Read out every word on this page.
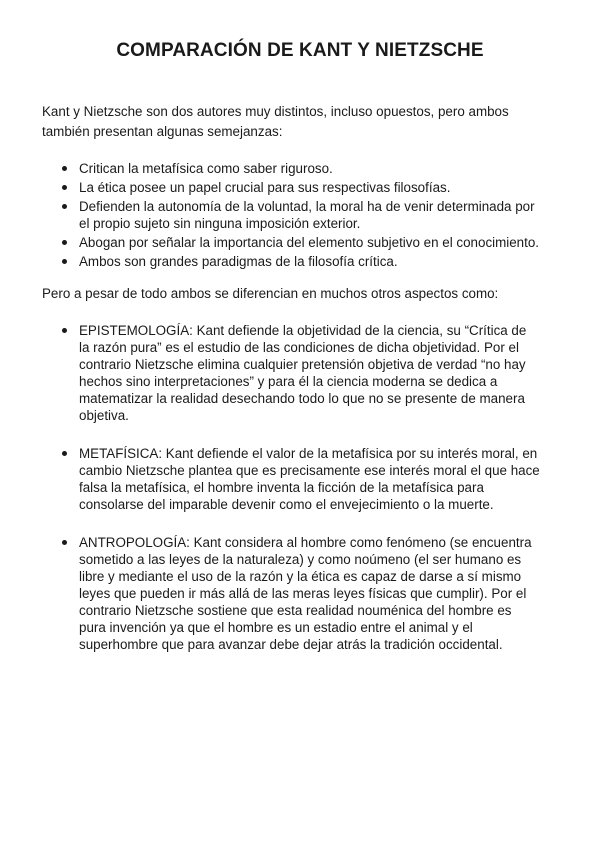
COMPARACIÓN DE KANT Y NIETZSCHE

Kant y Nietzsche son dos autores muy distintos, incluso opuestos, pero ambos también presentan algunas semejanzas:

Critican la metafísica como saber riguroso.
La ética posee un papel crucial para sus respectivas filosofías.
Defienden la autonomía de la voluntad, la moral ha de venir determinada por el propio sujeto sin ninguna imposición exterior.
Abogan por señalar la importancia del elemento subjetivo en el conocimiento.
Ambos son grandes paradigmas de la filosofía crítica.

Pero a pesar de todo ambos se diferencian en muchos otros aspectos como:

EPISTEMOLOGÍA: Kant defiende la objetividad de la ciencia, su “Crítica de la razón pura” es el estudio de las condiciones de dicha objetividad. Por el contrario Nietzsche elimina cualquier pretensión objetiva de verdad “no hay hechos sino interpretaciones” y para él la ciencia moderna se dedica a matematizar la realidad desechando todo lo que no se presente de manera objetiva.
METAFÍSICA: Kant defiende el valor de la metafísica por su interés moral, en cambio Nietzsche plantea que es precisamente ese interés moral el que hace falsa la metafísica, el hombre inventa la ficción de la metafísica para consolarse del imparable devenir como el envejecimiento o la muerte.
ANTROPOLOGÍA: Kant considera al hombre como fenómeno (se encuentra sometido a las leyes de la naturaleza) y como noúmeno (el ser humano es libre y mediante el uso de la razón y la ética es capaz de darse a sí mismo leyes que pueden ir más allá de las meras leyes físicas que cumplir). Por el contrario Nietzsche sostiene que esta realidad nouménica del hombre es pura invención ya que el hombre es un estadio entre el animal y el superhombre que para avanzar debe dejar atrás la tradición occidental.
